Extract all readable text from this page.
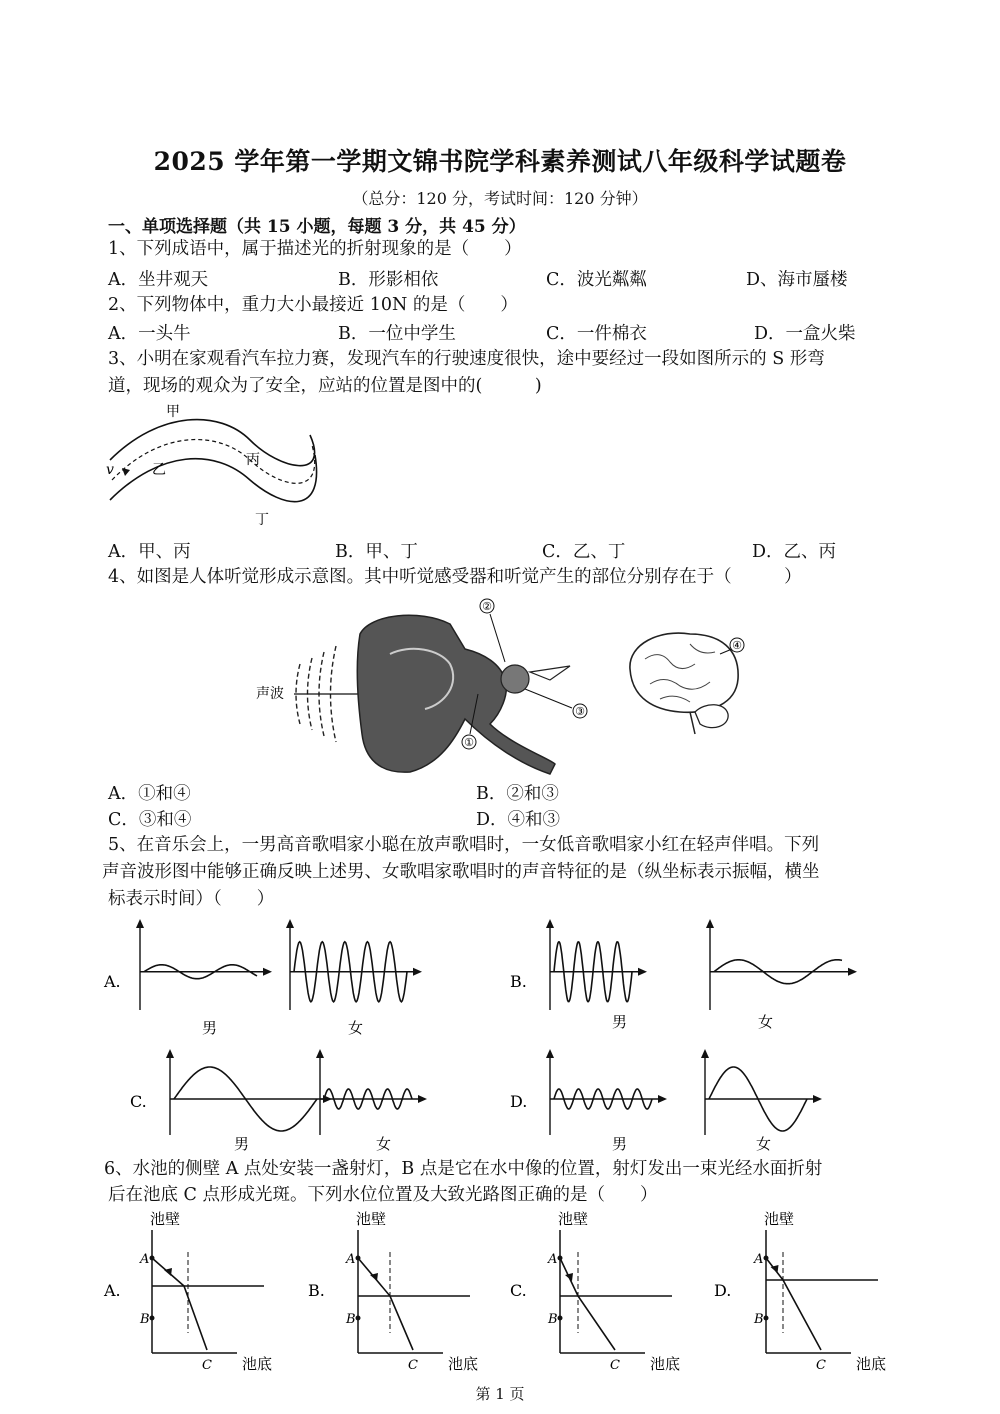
2025 学年第一学期文锦书院学科素养测试八年级科学试题卷
（总分：120 分，考试时间：120 分钟）
一、单项选择题（共 15 小题，每题 3 分，共 45 分）
1、下列成语中，属于描述光的折射现象的是（　　）
A．坐井观天	B．形影相依	C．波光粼粼	D、海市蜃楼
2、下列物体中，重力大小最接近 10N 的是（　　）
A．一头牛	B．一位中学生	C．一件棉衣	D．一盒火柴
3、小明在家观看汽车拉力赛，发现汽车的行驶速度很快，途中要经过一段如图所示的 S 形弯
道，现场的观众为了安全，应站的位置是图中的(　　　)
甲
乙
丙
丁
v
A．甲、丙	B．甲、丁	C．乙、丁	D．乙、丙
4、如图是人体听觉形成示意图。其中听觉感受器和听觉产生的部位分别存在于（　　　）
声波
②
③
①
④
A．①和④	B．②和③
C．③和④	D．④和③
5、在音乐会上，一男高音歌唱家小聪在放声歌唱时，一女低音歌唱家小红在轻声伴唱。下列
声音波形图中能够正确反映上述男、女歌唱家歌唱时的声音特征的是（纵坐标表示振幅，横坐
标表示时间）（　　）
A.	B.
C.	D.
男	女	男	女
男	女	男	女
6、水池的侧壁 A 点处安装一盏射灯，B 点是它在水中像的位置，射灯发出一束光经水面折射
后在池底 C 点形成光斑。下列水位位置及大致光路图正确的是（　　）
A.
池壁
A
B
C 池底
B.
池壁
A
B
C 池底
C.
池壁
A
B
C 池底
D.
池壁
A
B
C 池底
第 1 页
